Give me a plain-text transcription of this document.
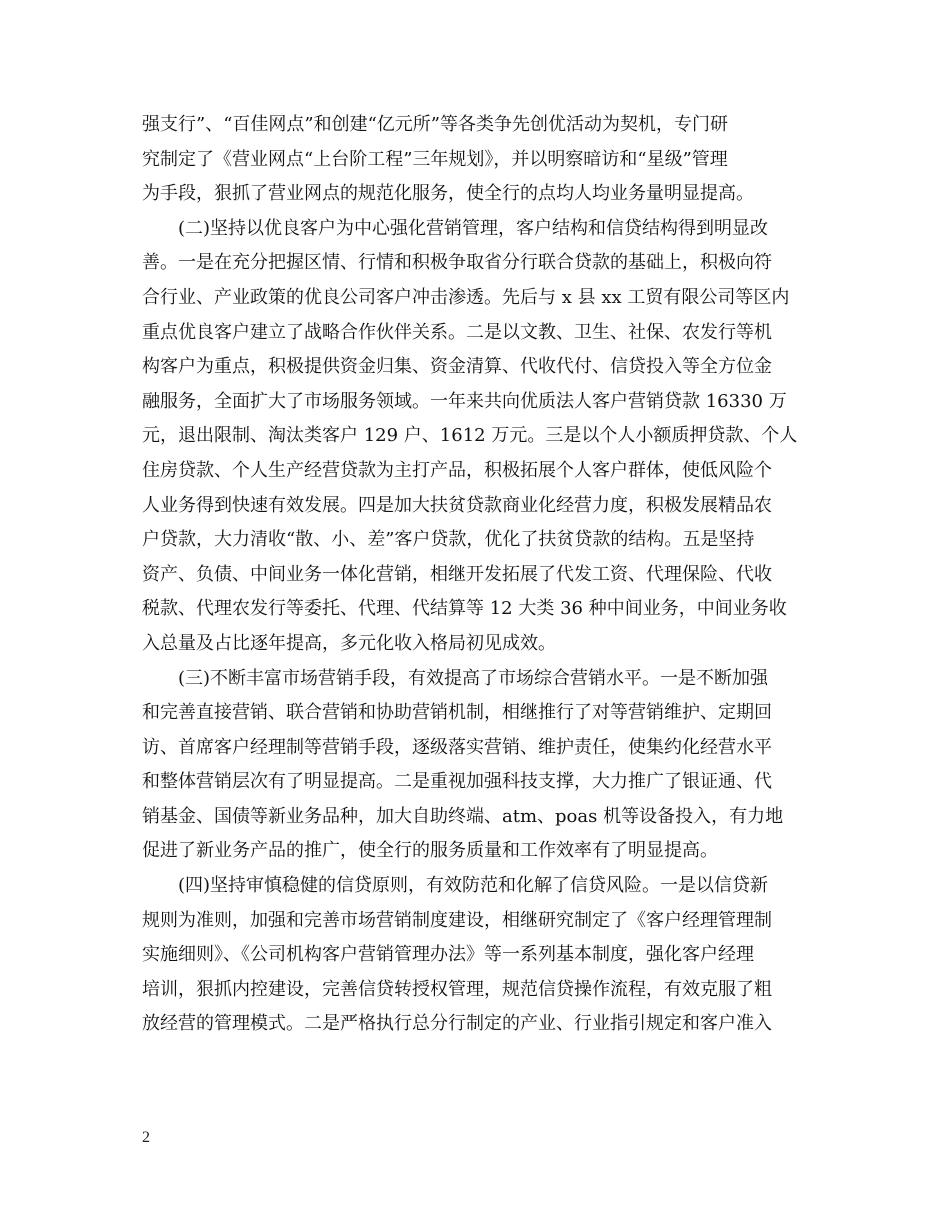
强支行”、“百佳网点”和创建“亿元所”等各类争先创优活动为契机，专门研
究制定了《营业网点“上台阶工程”三年规划》，并以明察暗访和“星级”管理
为手段，狠抓了营业网点的规范化服务，使全行的点均人均业务量明显提高。
　　(二)坚持以优良客户为中心强化营销管理，客户结构和信贷结构得到明显改
善。一是在充分把握区情、行情和积极争取省分行联合贷款的基础上，积极向符
合行业、产业政策的优良公司客户冲击渗透。先后与 x 县 xx 工贸有限公司等区内
重点优良客户建立了战略合作伙伴关系。二是以文教、卫生、社保、农发行等机
构客户为重点，积极提供资金归集、资金清算、代收代付、信贷投入等全方位金
融服务，全面扩大了市场服务领域。一年来共向优质法人客户营销贷款 16330 万
元，退出限制、淘汰类客户 129 户、1612 万元。三是以个人小额质押贷款、个人
住房贷款、个人生产经营贷款为主打产品，积极拓展个人客户群体，使低风险个
人业务得到快速有效发展。四是加大扶贫贷款商业化经营力度，积极发展精品农
户贷款，大力清收“散、小、差”客户贷款，优化了扶贫贷款的结构。五是坚持
资产、负债、中间业务一体化营销，相继开发拓展了代发工资、代理保险、代收
税款、代理农发行等委托、代理、代结算等 12 大类 36 种中间业务，中间业务收
入总量及占比逐年提高，多元化收入格局初见成效。
　　(三)不断丰富市场营销手段，有效提高了市场综合营销水平。一是不断加强
和完善直接营销、联合营销和协助营销机制，相继推行了对等营销维护、定期回
访、首席客户经理制等营销手段，逐级落实营销、维护责任，使集约化经营水平
和整体营销层次有了明显提高。二是重视加强科技支撑，大力推广了银证通、代
销基金、国债等新业务品种，加大自助终端、atm、poas 机等设备投入，有力地
促进了新业务产品的推广，使全行的服务质量和工作效率有了明显提高。
　　(四)坚持审慎稳健的信贷原则，有效防范和化解了信贷风险。一是以信贷新
规则为准则，加强和完善市场营销制度建设，相继研究制定了《客户经理管理制
实施细则》、《公司机构客户营销管理办法》等一系列基本制度，强化客户经理
培训，狠抓内控建设，完善信贷转授权管理，规范信贷操作流程，有效克服了粗
放经营的管理模式。二是严格执行总分行制定的产业、行业指引规定和客户准入
2
